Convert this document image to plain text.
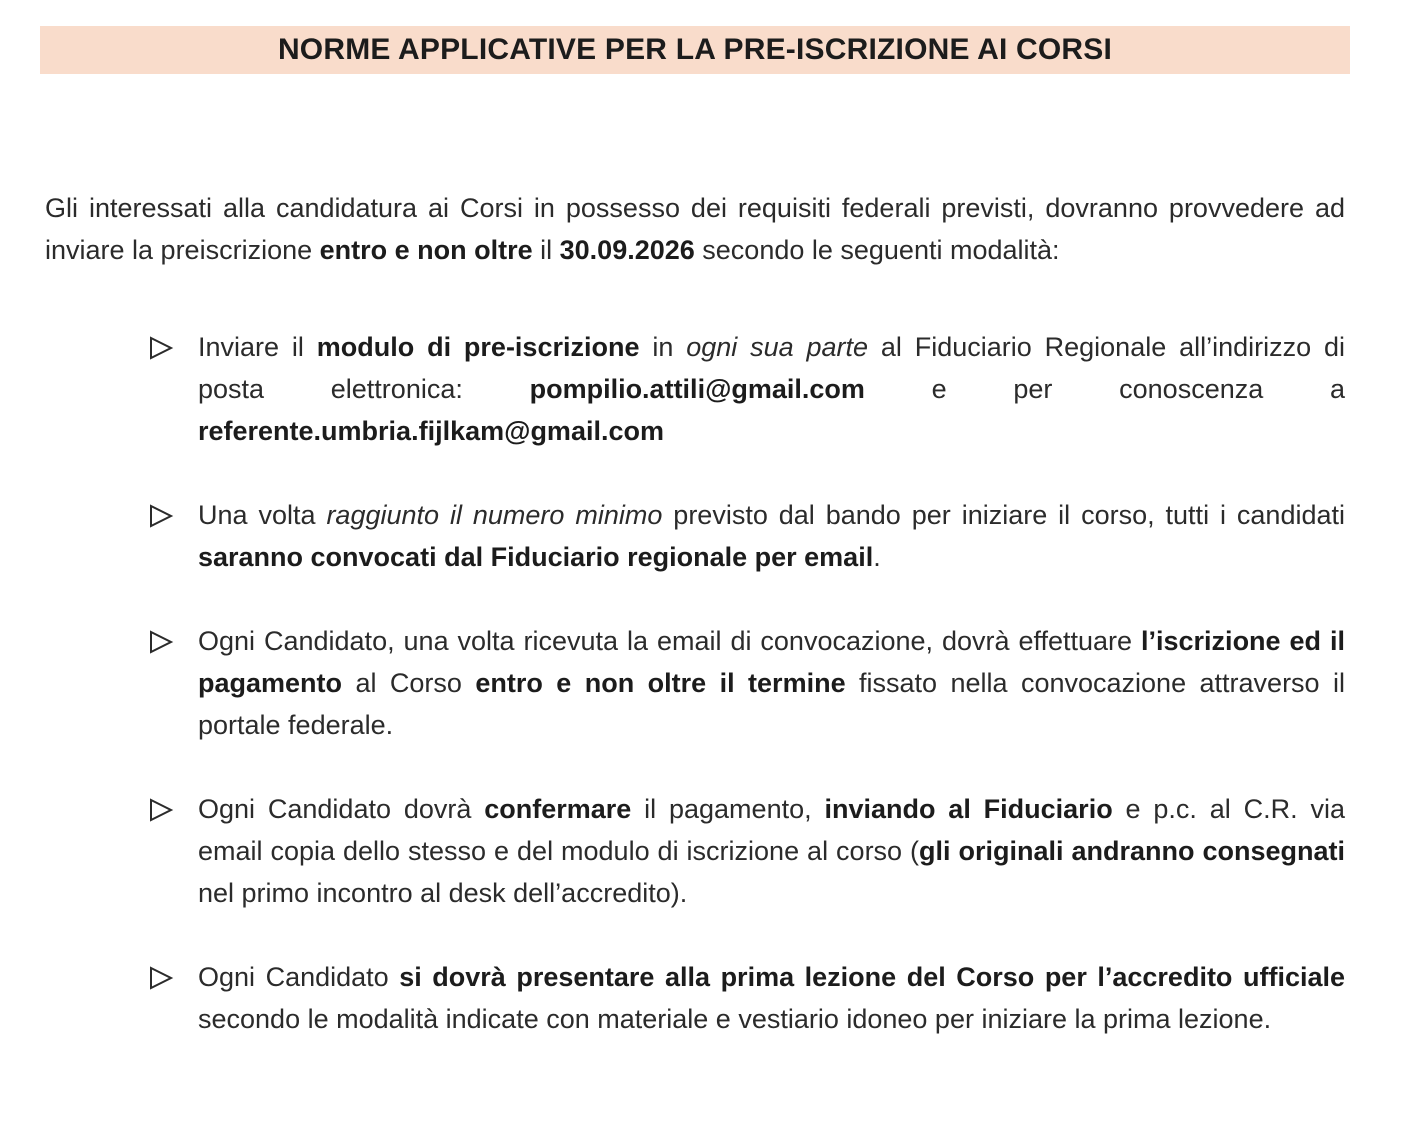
NORME APPLICATIVE PER LA PRE-ISCRIZIONE AI CORSI

Gli interessati alla candidatura ai Corsi in possesso dei requisiti federali previsti, dovranno provvedere ad inviare la preiscrizione entro e non oltre il 30.09.2026 secondo le seguenti modalità:

Inviare il modulo di pre-iscrizione in ogni sua parte al Fiduciario Regionale all’indirizzo di posta elettronica: pompilio.attili@gmail.com e per conoscenza a referente.umbria.fijlkam@gmail.com
Una volta raggiunto il numero minimo previsto dal bando per iniziare il corso, tutti i candidati saranno convocati dal Fiduciario regionale per email.
Ogni Candidato, una volta ricevuta la email di convocazione, dovrà effettuare l’iscrizione ed il pagamento al Corso entro e non oltre il termine fissato nella convocazione attraverso il portale federale.
Ogni Candidato dovrà confermare il pagamento, inviando al Fiduciario e p.c. al C.R. via email copia dello stesso e del modulo di iscrizione al corso (gli originali andranno consegnati nel primo incontro al desk dell’accredito).
Ogni Candidato si dovrà presentare alla prima lezione del Corso per l’accredito ufficiale secondo le modalità indicate con materiale e vestiario idoneo per iniziare la prima lezione.
